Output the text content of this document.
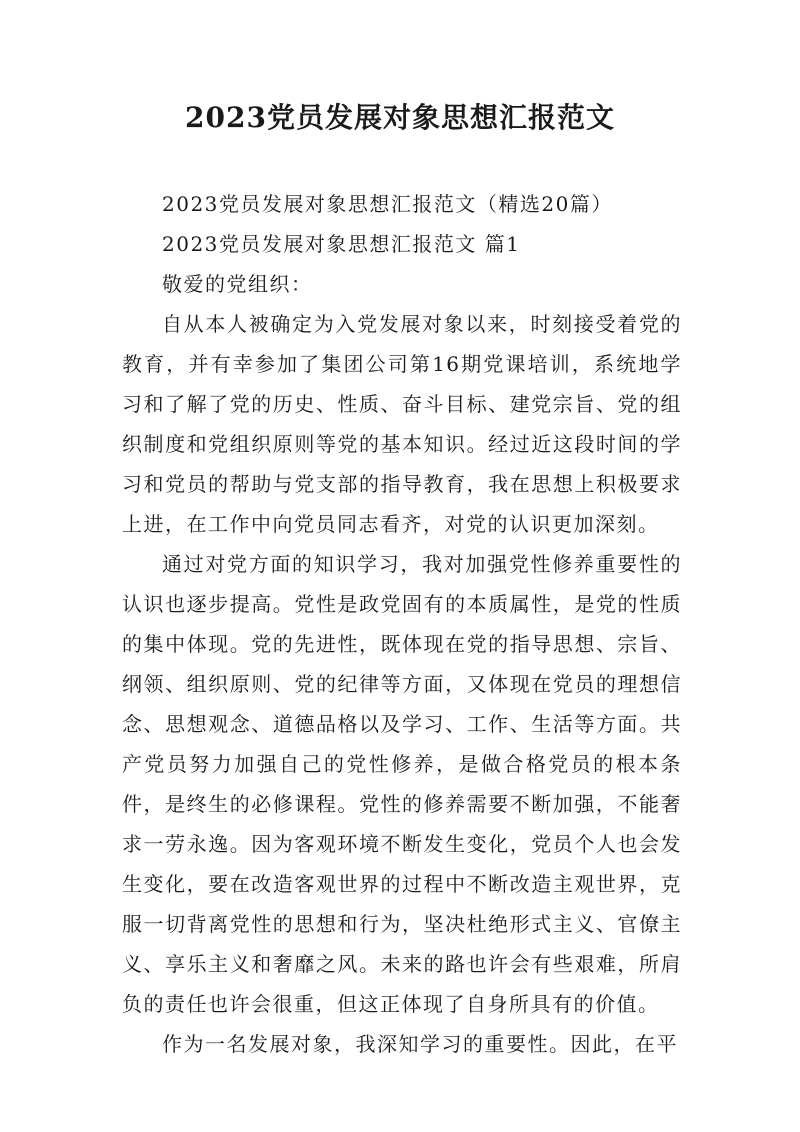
2023党员发展对象思想汇报范文

2023党员发展对象思想汇报范文（精选20篇）

2023党员发展对象思想汇报范文 篇1

敬爱的党组织：

自从本人被确定为入党发展对象以来，时刻接受着党的教育，并有幸参加了集团公司第16期党课培训，系统地学习和了解了党的历史、性质、奋斗目标、建党宗旨、党的组织制度和党组织原则等党的基本知识。经过近这段时间的学习和党员的帮助与党支部的指导教育，我在思想上积极要求上进，在工作中向党员同志看齐，对党的认识更加深刻。

通过对党方面的知识学习，我对加强党性修养重要性的认识也逐步提高。党性是政党固有的本质属性，是党的性质的集中体现。党的先进性，既体现在党的指导思想、宗旨、纲领、组织原则、党的纪律等方面，又体现在党员的理想信念、思想观念、道德品格以及学习、工作、生活等方面。共产党员努力加强自己的党性修养，是做合格党员的根本条件，是终生的必修课程。党性的修养需要不断加强，不能奢求一劳永逸。因为客观环境不断发生变化，党员个人也会发生变化，要在改造客观世界的过程中不断改造主观世界，克服一切背离党性的思想和行为，坚决杜绝形式主义、官僚主义、享乐主义和奢靡之风。未来的路也许会有些艰难，所肩负的责任也许会很重，但这正体现了自身所具有的价值。

作为一名发展对象，我深知学习的重要性。因此，在平
